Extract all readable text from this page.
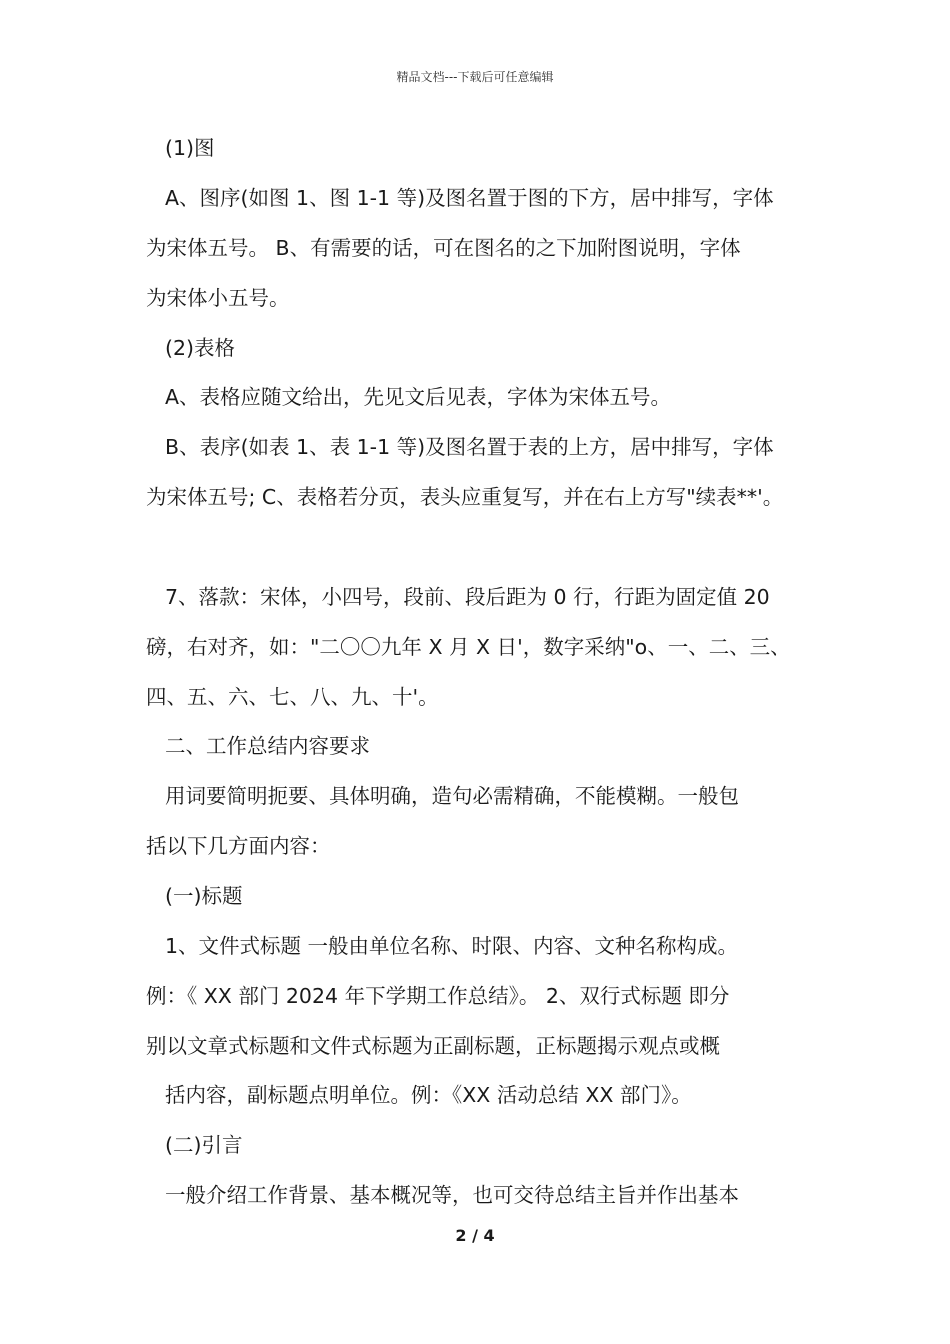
精品文档---下载后可任意编辑
(1)图
A、图序(如图 1、图 1-1 等)及图名置于图的下方，居中排写，字体
为宋体五号。 B、有需要的话，可在图名的之下加附图说明，字体
为宋体小五号。
(2)表格
A、表格应随文给出，先见文后见表，字体为宋体五号。
B、表序(如表 1、表 1-1 等)及图名置于表的上方，居中排写，字体
为宋体五号; C、表格若分页，表头应重复写，并在右上方写"续表**'。
7、落款：宋体，小四号，段前、段后距为 0 行，行距为固定值 20
磅，右对齐，如："二〇〇九年 X 月 X 日'，数字采纳"o、一、二、三、
四、五、六、七、八、九、十'。
二、工作总结内容要求
用词要简明扼要、具体明确，造句必需精确，不能模糊。一般包
括以下几方面内容：
(一)标题
1、文件式标题 一般由单位名称、时限、内容、文种名称构成。
例：《 XX 部门 2024 年下学期工作总结》。 2、双行式标题 即分
别以文章式标题和文件式标题为正副标题，正标题揭示观点或概
括内容，副标题点明单位。例：《XX 活动总结 XX 部门》。
(二)引言
一般介绍工作背景、基本概况等，也可交待总结主旨并作出基本
2 / 4
